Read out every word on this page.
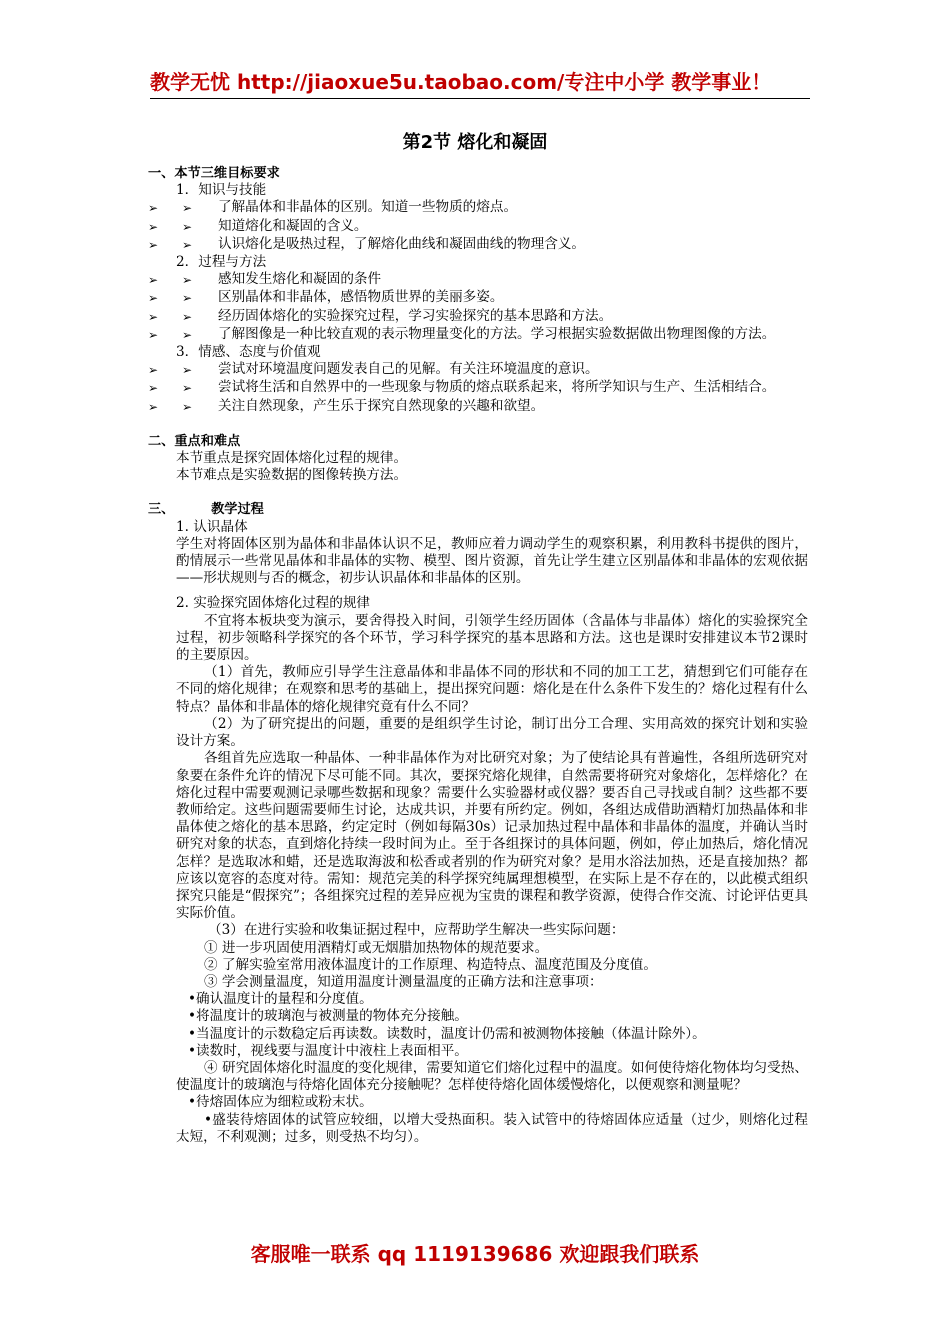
教学无忧 http://jiaoxue5u.taobao.com/专注中小学 教学事业！
第2节 熔化和凝固

一、本节三维目标要求

1．知识与技能

➢	➢	了解晶体和非晶体的区别。知道一些物质的熔点。
➢	➢	知道熔化和凝固的含义。
➢	➢	认识熔化是吸热过程，了解熔化曲线和凝固曲线的物理含义。

2．过程与方法

➢	➢	感知发生熔化和凝固的条件
➢	➢	区别晶体和非晶体，感悟物质世界的美丽多姿。
➢	➢	经历固体熔化的实验探究过程，学习实验探究的基本思路和方法。
➢	➢	了解图像是一种比较直观的表示物理量变化的方法。学习根据实验数据做出物理图像的方法。

3．情感、态度与价值观

➢	➢	尝试对环境温度问题发表自己的见解。有关注环境温度的意识。
➢	➢	尝试将生活和自然界中的一些现象与物质的熔点联系起来，将所学知识与生产、生活相结合。
➢	➢	关注自然现象，产生乐于探究自然现象的兴趣和欲望。

二、重点和难点

本节重点是探究固体熔化过程的规律。

本节难点是实验数据的图像转换方法。

三、        教学过程

1. 认识晶体

学生对将固体区别为晶体和非晶体认识不足，教师应着力调动学生的观察积累，利用教科书提供的图片，酌情展示一些常见晶体和非晶体的实物、模型、图片资源，首先让学生建立区别晶体和非晶体的宏观依据——形状规则与否的概念，初步认识晶体和非晶体的区别。

2. 实验探究固体熔化过程的规律

不宜将本板块变为演示，要舍得投入时间，引领学生经历固体（含晶体与非晶体）熔化的实验探究全过程，初步领略科学探究的各个环节，学习科学探究的基本思路和方法。这也是课时安排建议本节2课时的主要原因。

（1）首先，教师应引导学生注意晶体和非晶体不同的形状和不同的加工工艺，猜想到它们可能存在不同的熔化规律；在观察和思考的基础上，提出探究问题：熔化是在什么条件下发生的？熔化过程有什么特点？晶体和非晶体的熔化规律究竟有什么不同？

（2）为了研究提出的问题，重要的是组织学生讨论，制订出分工合理、实用高效的探究计划和实验设计方案。

各组首先应选取一种晶体、一种非晶体作为对比研究对象；为了使结论具有普遍性，各组所选研究对象要在条件允许的情况下尽可能不同。其次，要探究熔化规律，自然需要将研究对象熔化，怎样熔化？在熔化过程中需要观测记录哪些数据和现象？需要什么实验器材或仪器？要否自己寻找或自制？这些都不要教师给定。这些问题需要师生讨论，达成共识，并要有所约定。例如，各组达成借助酒精灯加热晶体和非晶体使之熔化的基本思路，约定定时（例如每隔30s）记录加热过程中晶体和非晶体的温度，并确认当时研究对象的状态，直到熔化持续一段时间为止。至于各组探讨的具体问题，例如，停止加热后，熔化情况怎样？是选取冰和蜡，还是选取海波和松香或者别的作为研究对象？是用水浴法加热，还是直接加热？都应该以宽容的态度对待。需知：规范完美的科学探究纯属理想模型，在实际上是不存在的，以此模式组织探究只能是“假探究”；各组探究过程的差异应视为宝贵的课程和教学资源，使得合作交流、讨论评估更具实际价值。

（3）在进行实验和收集证据过程中，应帮助学生解决一些实际问题：

① 进一步巩固使用酒精灯或无烟腊加热物体的规范要求。

② 了解实验室常用液体温度计的工作原理、构造特点、温度范围及分度值。

③ 学会测量温度，知道用温度计测量温度的正确方法和注意事项：

•确认温度计的量程和分度值。

•将温度计的玻璃泡与被测量的物体充分接触。

•当温度计的示数稳定后再读数。读数时，温度计仍需和被测物体接触（体温计除外）。

•读数时，视线要与温度计中液柱上表面相平。

④ 研究固体熔化时温度的变化规律，需要知道它们熔化过程中的温度。如何使待熔化物体均匀受热、使温度计的玻璃泡与待熔化固体充分接触呢？怎样使待熔化固体缓慢熔化，以便观察和测量呢？

•待熔固体应为细粒或粉末状。

•盛装待熔固体的试管应较细，以增大受热面积。装入试管中的待熔固体应适量（过少，则熔化过程太短，不利观测；过多，则受热不均匀）。

客服唯一联系 qq 1119139686 欢迎跟我们联系
